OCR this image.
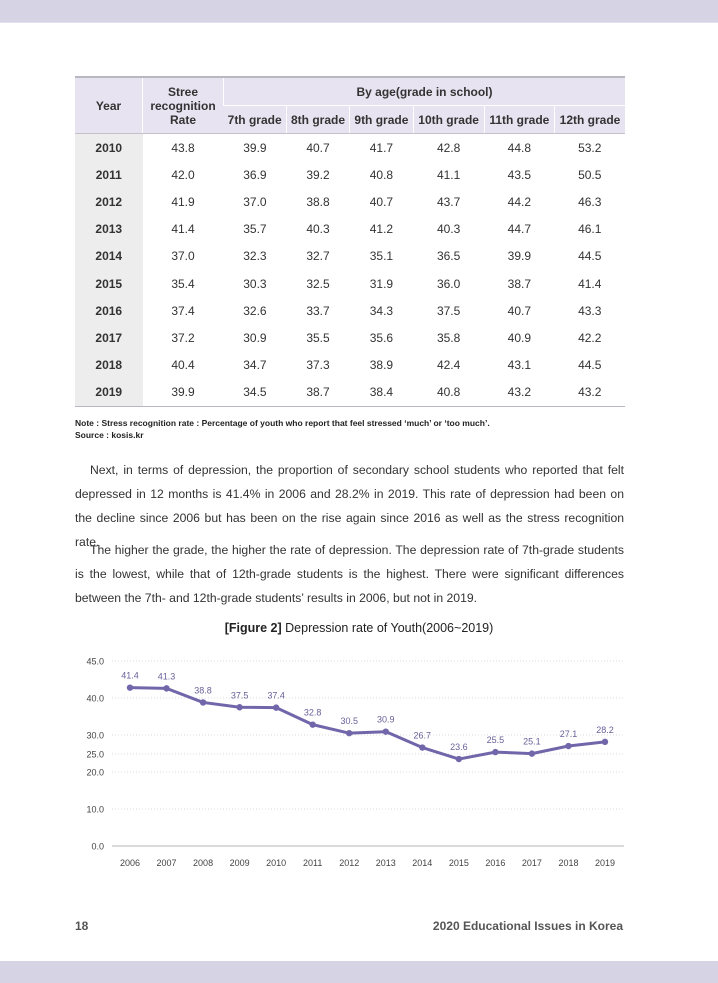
Year	Stree
recognition
Rate	By age(grade in school)					
		7th grade	8th grade	9th grade	10th grade	11th grade	12th grade
2010	43.8	39.9	40.7	41.7	42.8	44.8	53.2
2011	42.0	36.9	39.2	40.8	41.1	43.5	50.5
2012	41.9	37.0	38.8	40.7	43.7	44.2	46.3
2013	41.4	35.7	40.3	41.2	40.3	44.7	46.1
2014	37.0	32.3	32.7	35.1	36.5	39.9	44.5
2015	35.4	30.3	32.5	31.9	36.0	38.7	41.4
2016	37.4	32.6	33.7	34.3	37.5	40.7	43.3
2017	37.2	30.9	35.5	35.6	35.8	40.9	42.2
2018	40.4	34.7	37.3	38.9	42.4	43.1	44.5
2019	39.9	34.5	38.7	38.4	40.8	43.2	43.2
Note : Stress recognition rate : Percentage of youth who report that feel stressed ‘much’ or ‘too much’.
Source : kosis.kr

Next, in terms of depression, the proportion of secondary school students who reported that felt depressed in 12 months is 41.4% in 2006 and 28.2% in 2019. This rate of depression had been on the decline since 2006 but has been on the rise again since 2016 as well as the stress recognition rate.

The higher the grade, the higher the rate of depression. The depression rate of 7th-grade students is the lowest, while that of 12th-grade students is the highest. There were significant differences between the 7th- and 12th-grade students’ results in 2006, but not in 2019.

[Figure 2] Depression rate of Youth(2006~2019)
0.0
10.0
20.0
25.0
30.0
40.0
45.0
2006 2007 2008 2009 2010 2011 2012 2013 2014 2015 2016 2017 2018 2019
41.4 41.3
38.8 37.5 37.4
32.8
30.5 30.9
26.7
23.6
25.5 25.1
27.1 28.2
18	2020 Educational Issues in Korea
